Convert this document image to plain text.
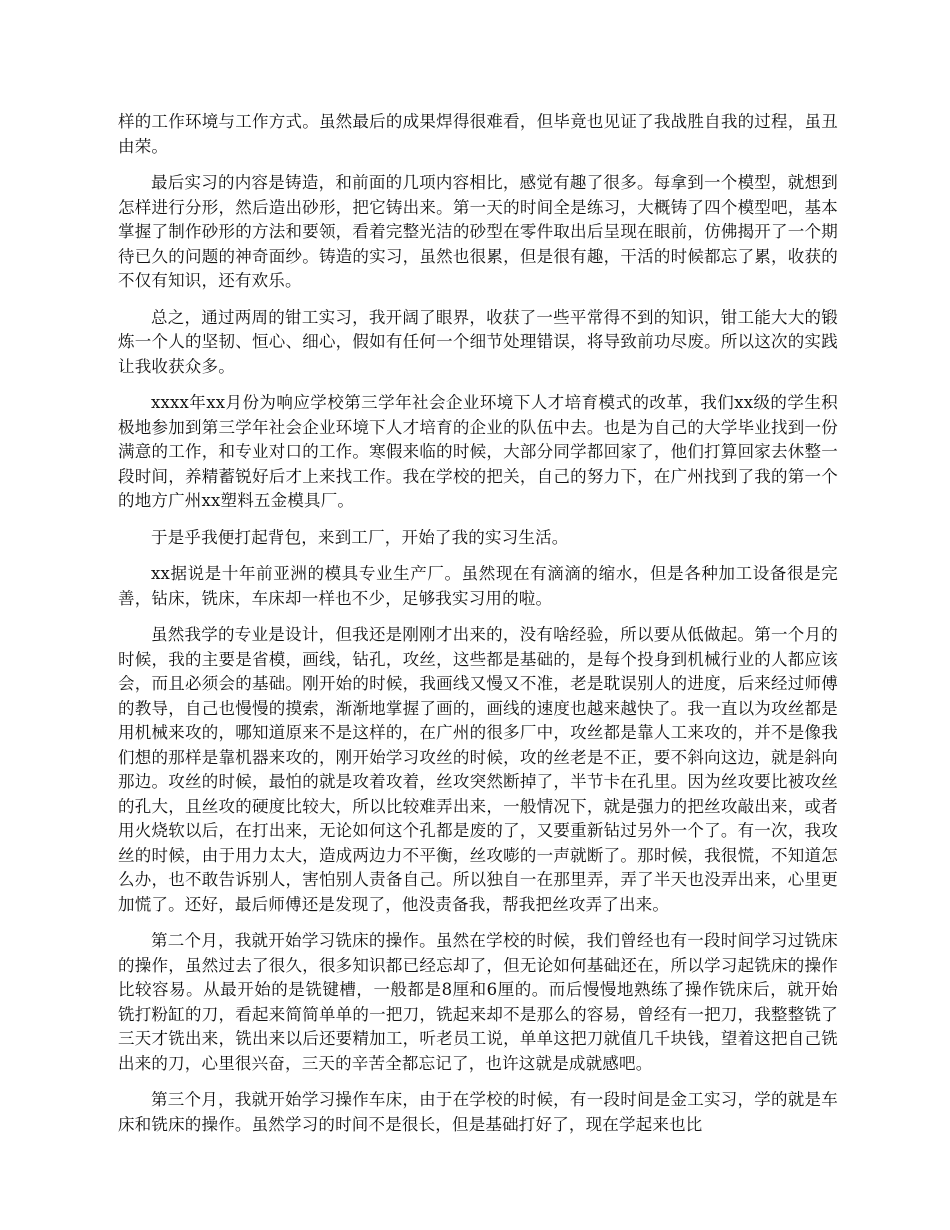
样的工作环境与工作方式。虽然最后的成果焊得很难看，但毕竟也见证了我战胜自我的过程，虽丑由荣。

最后实习的内容是铸造，和前面的几项内容相比，感觉有趣了很多。每拿到一个模型，就想到怎样进行分形，然后造出砂形，把它铸出来。第一天的时间全是练习，大概铸了四个模型吧，基本掌握了制作砂形的方法和要领，看着完整光洁的砂型在零件取出后呈现在眼前，仿佛揭开了一个期待已久的问题的神奇面纱。铸造的实习，虽然也很累，但是很有趣，干活的时候都忘了累，收获的不仅有知识，还有欢乐。

总之，通过两周的钳工实习，我开阔了眼界，收获了一些平常得不到的知识，钳工能大大的锻炼一个人的坚韧、恒心、细心，假如有任何一个细节处理错误，将导致前功尽废。所以这次的实践让我收获众多。

xxxx年xx月份为响应学校第三学年社会企业环境下人才培育模式的改革，我们xx级的学生积极地参加到第三学年社会企业环境下人才培育的企业的队伍中去。也是为自己的大学毕业找到一份满意的工作，和专业对口的工作。寒假来临的时候，大部分同学都回家了，他们打算回家去休整一段时间，养精蓄锐好后才上来找工作。我在学校的把关，自己的努力下，在广州找到了我的第一个的地方广州xx塑料五金模具厂。

于是乎我便打起背包，来到工厂，开始了我的实习生活。

xx据说是十年前亚洲的模具专业生产厂。虽然现在有滴滴的缩水，但是各种加工设备很是完善，钻床，铣床，车床却一样也不少，足够我实习用的啦。

虽然我学的专业是设计，但我还是刚刚才出来的，没有啥经验，所以要从低做起。第一个月的时候，我的主要是省模，画线，钻孔，攻丝，这些都是基础的，是每个投身到机械行业的人都应该会，而且必须会的基础。刚开始的时候，我画线又慢又不准，老是耽误别人的进度，后来经过师傅的教导，自己也慢慢的摸索，渐渐地掌握了画的，画线的速度也越来越快了。我一直以为攻丝都是用机械来攻的，哪知道原来不是这样的，在广州的很多厂中，攻丝都是靠人工来攻的，并不是像我们想的那样是靠机器来攻的，刚开始学习攻丝的时候，攻的丝老是不正，要不斜向这边，就是斜向那边。攻丝的时候，最怕的就是攻着攻着，丝攻突然断掉了，半节卡在孔里。因为丝攻要比被攻丝的孔大，且丝攻的硬度比较大，所以比较难弄出来，一般情况下，就是强力的把丝攻敲出来，或者用火烧软以后，在打出来，无论如何这个孔都是废的了，又要重新钻过另外一个了。有一次，我攻丝的时候，由于用力太大，造成两边力不平衡，丝攻嘭的一声就断了。那时候，我很慌，不知道怎么办，也不敢告诉别人，害怕别人责备自己。所以独自一在那里弄，弄了半天也没弄出来，心里更加慌了。还好，最后师傅还是发现了，他没责备我，帮我把丝攻弄了出来。

第二个月，我就开始学习铣床的操作。虽然在学校的时候，我们曾经也有一段时间学习过铣床的操作，虽然过去了很久，很多知识都已经忘却了，但无论如何基础还在，所以学习起铣床的操作比较容易。从最开始的是铣键槽，一般都是8厘和6厘的。而后慢慢地熟练了操作铣床后，就开始铣打粉缸的刀，看起来简简单单的一把刀，铣起来却不是那么的容易，曾经有一把刀，我整整铣了三天才铣出来，铣出来以后还要精加工，听老员工说，单单这把刀就值几千块钱，望着这把自己铣出来的刀，心里很兴奋，三天的辛苦全都忘记了，也许这就是成就感吧。

第三个月，我就开始学习操作车床，由于在学校的时候，有一段时间是金工实习，学的就是车床和铣床的操作。虽然学习的时间不是很长，但是基础打好了，现在学起来也比
